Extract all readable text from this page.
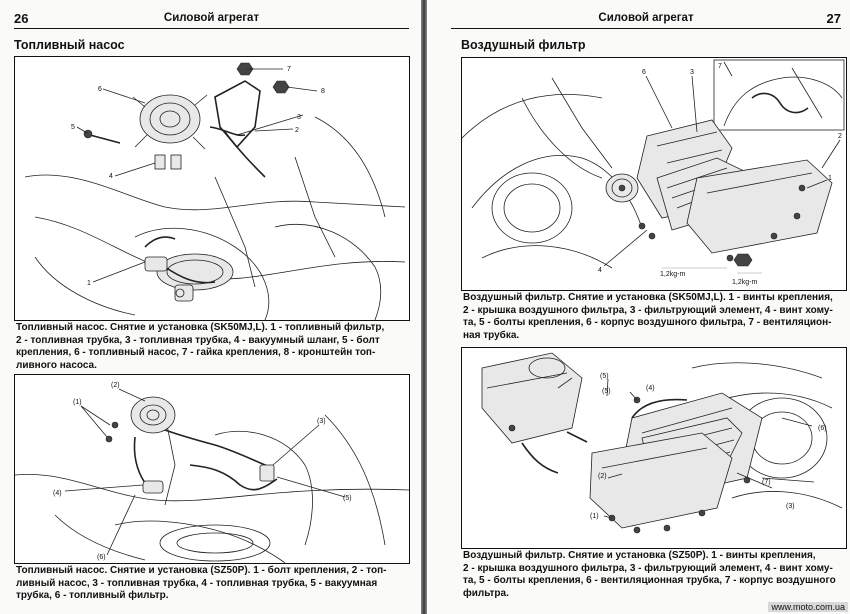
26	Силовой агрегат
Топливный насос
6
5
4
7
8
3
2
1
Топливный насос. Снятие и установка (SK50MJ,L). 1 - топливный фильтр,
2 - топливная трубка, 3 - топливная трубка, 4 - вакуумный шланг, 5 - болт
крепления, 6 - топливный насос, 7 - гайка крепления, 8 - кронштейн топ-
ливного насоса.
(1)
(2)
(3)
(4)
(5)
(6)
Топливный насос. Снятие и установка (SZ50P). 1 - болт крепления, 2 - топ-
ливный насос, 3 - топливная трубка, 4 - топливная трубка, 5 - вакуумная
трубка, 6 - топливный фильтр.
Силовой агрегат	27
Воздушный фильтр
6	3
7
2
1
4
1,2kg-m
1,2kg-m
Воздушный фильтр. Снятие и установка (SK50MJ,L). 1 - винты крепления,
2 - крышка воздушного фильтра, 3 - фильтрующий элемент, 4 - винт хому-
та, 5 - болты крепления, 6 - корпус воздушного фильтра, 7 - вентиляцион-
ная трубка.
(5)
(5)	(4)
(6)
(7)
(3)
(2)
(1)
Воздушный фильтр. Снятие и установка (SZ50P). 1 - винты крепления,
2 - крышка воздушного фильтра, 3 - фильтрующий элемент, 4 - винт хому-
та, 5 - болты крепления, 6 - вентиляционная трубка, 7 - корпус воздушного
фильтра.
www.moto.com.ua
